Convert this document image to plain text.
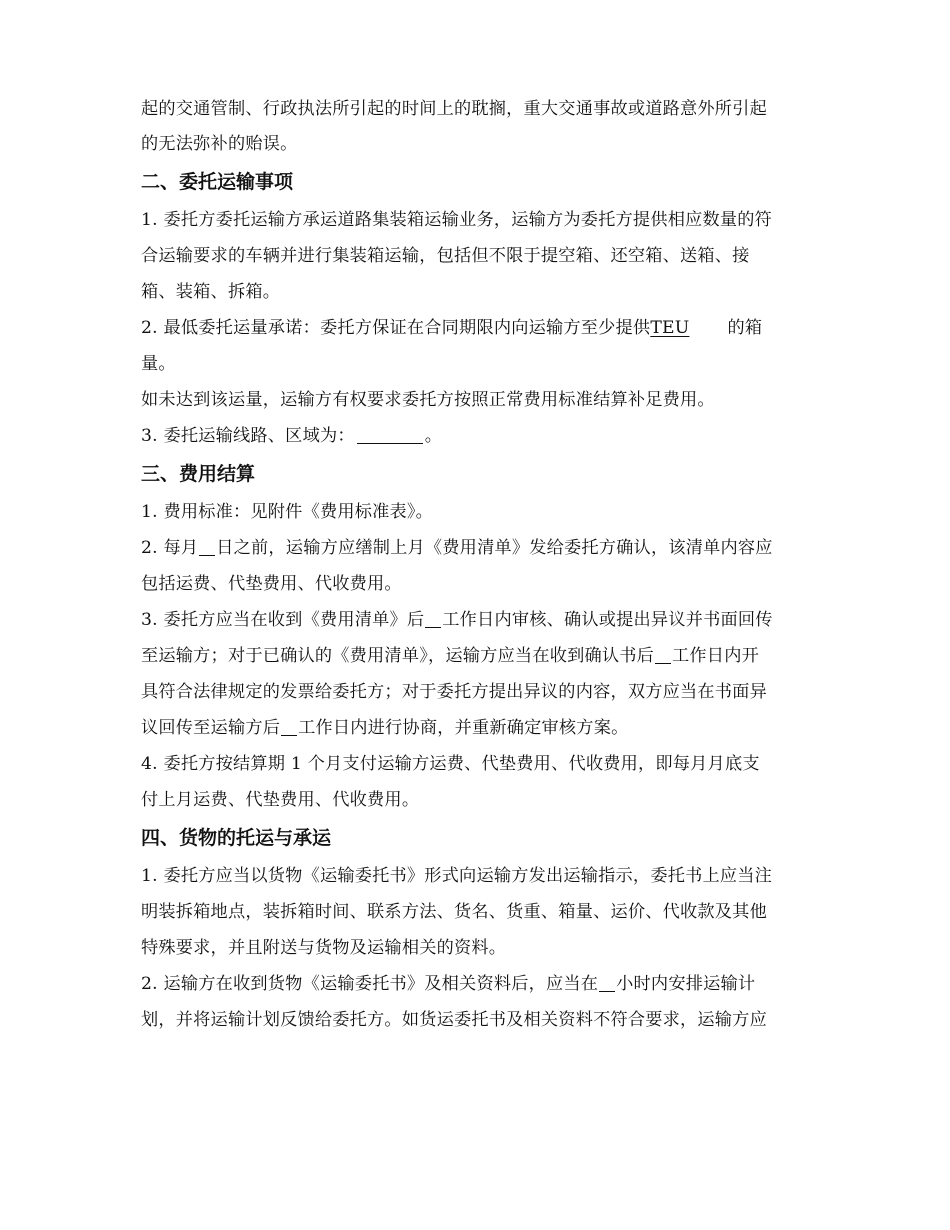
起的交通管制、行政执法所引起的时间上的耽搁，重大交通事故或道路意外所引起
的无法弥补的贻误。
二、委托运输事项
1. 委托方委托运输方承运道路集装箱运输业务，运输方为委托方提供相应数量的符
合运输要求的车辆并进行集装箱运输，包括但不限于提空箱、还空箱、送箱、接
箱、装箱、拆箱。
2. 最低委托运量承诺：委托方保证在合同期限内向运输方至少提供TEU 的箱
量。
如未达到该运量，运输方有权要求委托方按照正常费用标准结算补足费用。
3. 委托运输线路、区域为：	。
三、费用结算
1. 费用标准：见附件《费用标准表》。
2. 每月 日之前，运输方应缮制上月《费用清单》发给委托方确认，该清单内容应
包括运费、代垫费用、代收费用。
3. 委托方应当在收到《费用清单》后 工作日内审核、确认或提出异议并书面回传
至运输方；对于已确认的《费用清单》，运输方应当在收到确认书后 工作日内开
具符合法律规定的发票给委托方；对于委托方提出异议的内容，双方应当在书面异
议回传至运输方后 工作日内进行协商，并重新确定审核方案。
4. 委托方按结算期 1 个月支付运输方运费、代垫费用、代收费用，即每月月底支
付上月运费、代垫费用、代收费用。
四、货物的托运与承运
1. 委托方应当以货物《运输委托书》形式向运输方发出运输指示，委托书上应当注
明装拆箱地点，装拆箱时间、联系方法、货名、货重、箱量、运价、代收款及其他
特殊要求，并且附送与货物及运输相关的资料。
2. 运输方在收到货物《运输委托书》及相关资料后，应当在 小时内安排运输计
划，并将运输计划反馈给委托方。如货运委托书及相关资料不符合要求，运输方应
